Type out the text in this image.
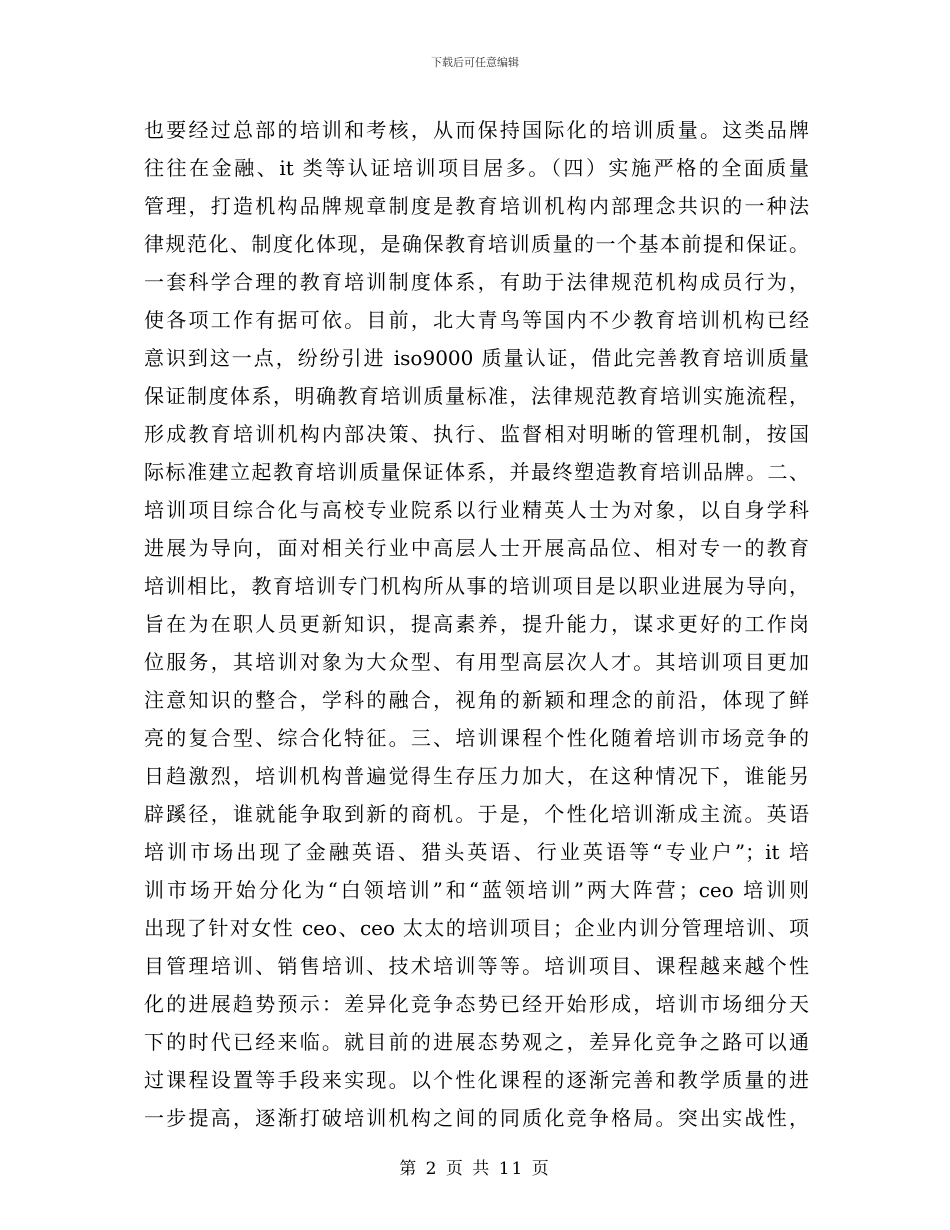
下载后可任意编辑
也要经过总部的培训和考核，从而保持国际化的培训质量。这类品牌
往往在金融、it 类等认证培训项目居多。（四）实施严格的全面质量
管理，打造机构品牌规章制度是教育培训机构内部理念共识的一种法
律规范化、制度化体现，是确保教育培训质量的一个基本前提和保证。
一套科学合理的教育培训制度体系，有助于法律规范机构成员行为，
使各项工作有据可依。目前，北大青鸟等国内不少教育培训机构已经
意识到这一点，纷纷引进 iso9000 质量认证，借此完善教育培训质量
保证制度体系，明确教育培训质量标准，法律规范教育培训实施流程，
形成教育培训机构内部决策、执行、监督相对明晰的管理机制，按国
际标准建立起教育培训质量保证体系，并最终塑造教育培训品牌。二、
培训项目综合化与高校专业院系以行业精英人士为对象，以自身学科
进展为导向，面对相关行业中高层人士开展高品位、相对专一的教育
培训相比，教育培训专门机构所从事的培训项目是以职业进展为导向，
旨在为在职人员更新知识，提高素养，提升能力，谋求更好的工作岗
位服务，其培训对象为大众型、有用型高层次人才。其培训项目更加
注意知识的整合，学科的融合，视角的新颖和理念的前沿，体现了鲜
亮的复合型、综合化特征。三、培训课程个性化随着培训市场竞争的
日趋激烈，培训机构普遍觉得生存压力加大，在这种情况下，谁能另
辟蹊径，谁就能争取到新的商机。于是，个性化培训渐成主流。英语
培训市场出现了金融英语、猎头英语、行业英语等“专业户”；it 培
训市场开始分化为“白领培训”和“蓝领培训”两大阵营；ceo 培训则
出现了针对女性 ceo、ceo 太太的培训项目；企业内训分管理培训、项
目管理培训、销售培训、技术培训等等。培训项目、课程越来越个性
化的进展趋势预示：差异化竞争态势已经开始形成，培训市场细分天
下的时代已经来临。就目前的进展态势观之，差异化竞争之路可以通
过课程设置等手段来实现。以个性化课程的逐渐完善和教学质量的进
一步提高，逐渐打破培训机构之间的同质化竞争格局。突出实战性，
第 2 页 共 11 页
